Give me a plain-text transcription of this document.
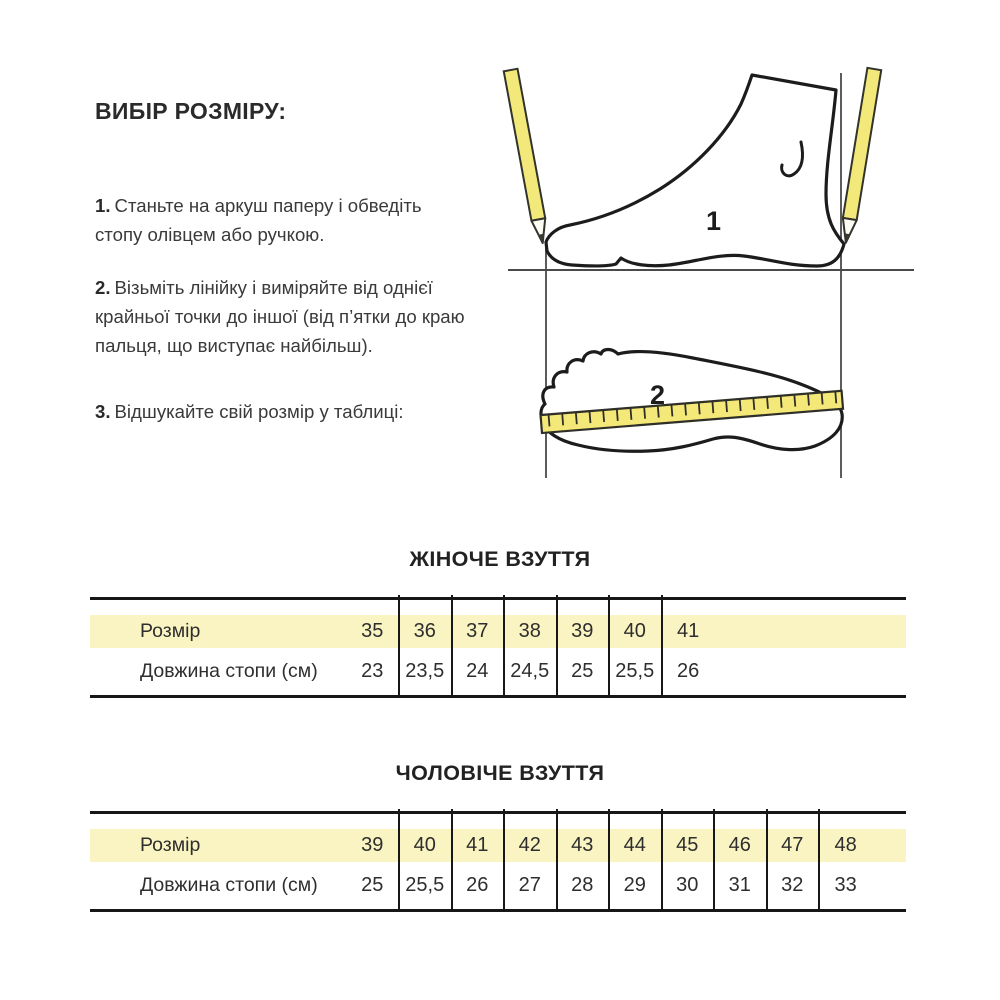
ВИБІР РОЗМІРУ:

1. Станьте на аркуш паперу і обведіть стопу олівцем або ручкою.

2. Візьміть лінійку і виміряйте від однієї крайньої точки до іншої (від п’ятки до краю пальця, що виступає найбільш).

3. Відшукайте свій розмір у таблиці:

1
2
ЖІНОЧЕ ВЗУТТЯ
Розмір	35	36	37	38	39	40	41
Довжина стопи (см)	23	23,5	24	24,5	25	25,5	26
ЧОЛОВІЧЕ ВЗУТТЯ
Розмір	39	40	41	42	43	44	45	46	47	48
Довжина стопи (см)	25	25,5	26	27	28	29	30	31	32	33
